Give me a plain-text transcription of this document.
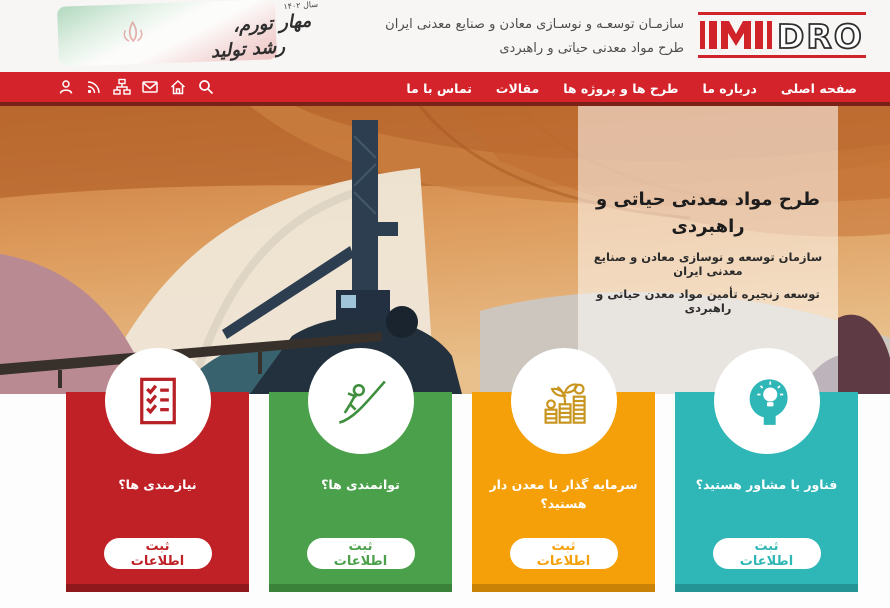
سال ۱۴۰۲
مهار تورم،
رشد تولید
سازمـان توسعـه و نوسـازی معادن و صنایع معدنی ایران
طرح مواد معدنی حیاتی و راهبردی	DRO
صفحه اصلی
درباره ما
طرح ها و پروژه ها
مقالات
تماس با ما
طرح مواد معدنی حیاتی و راهبردی
سازمان توسعه و نوسازی معادن و صنایع معدنی ایران
توسعه زنجیره تأمین مواد معدن حیاتی و راهبردی
نیازمندی ها؟
ثبت اطلاعات
توانمندی ها؟
ثبت اطلاعات
سرمایه گذار یا معدن دار هستید؟
ثبت اطلاعات
فناور یا مشاور هستید؟
ثبت اطلاعات
